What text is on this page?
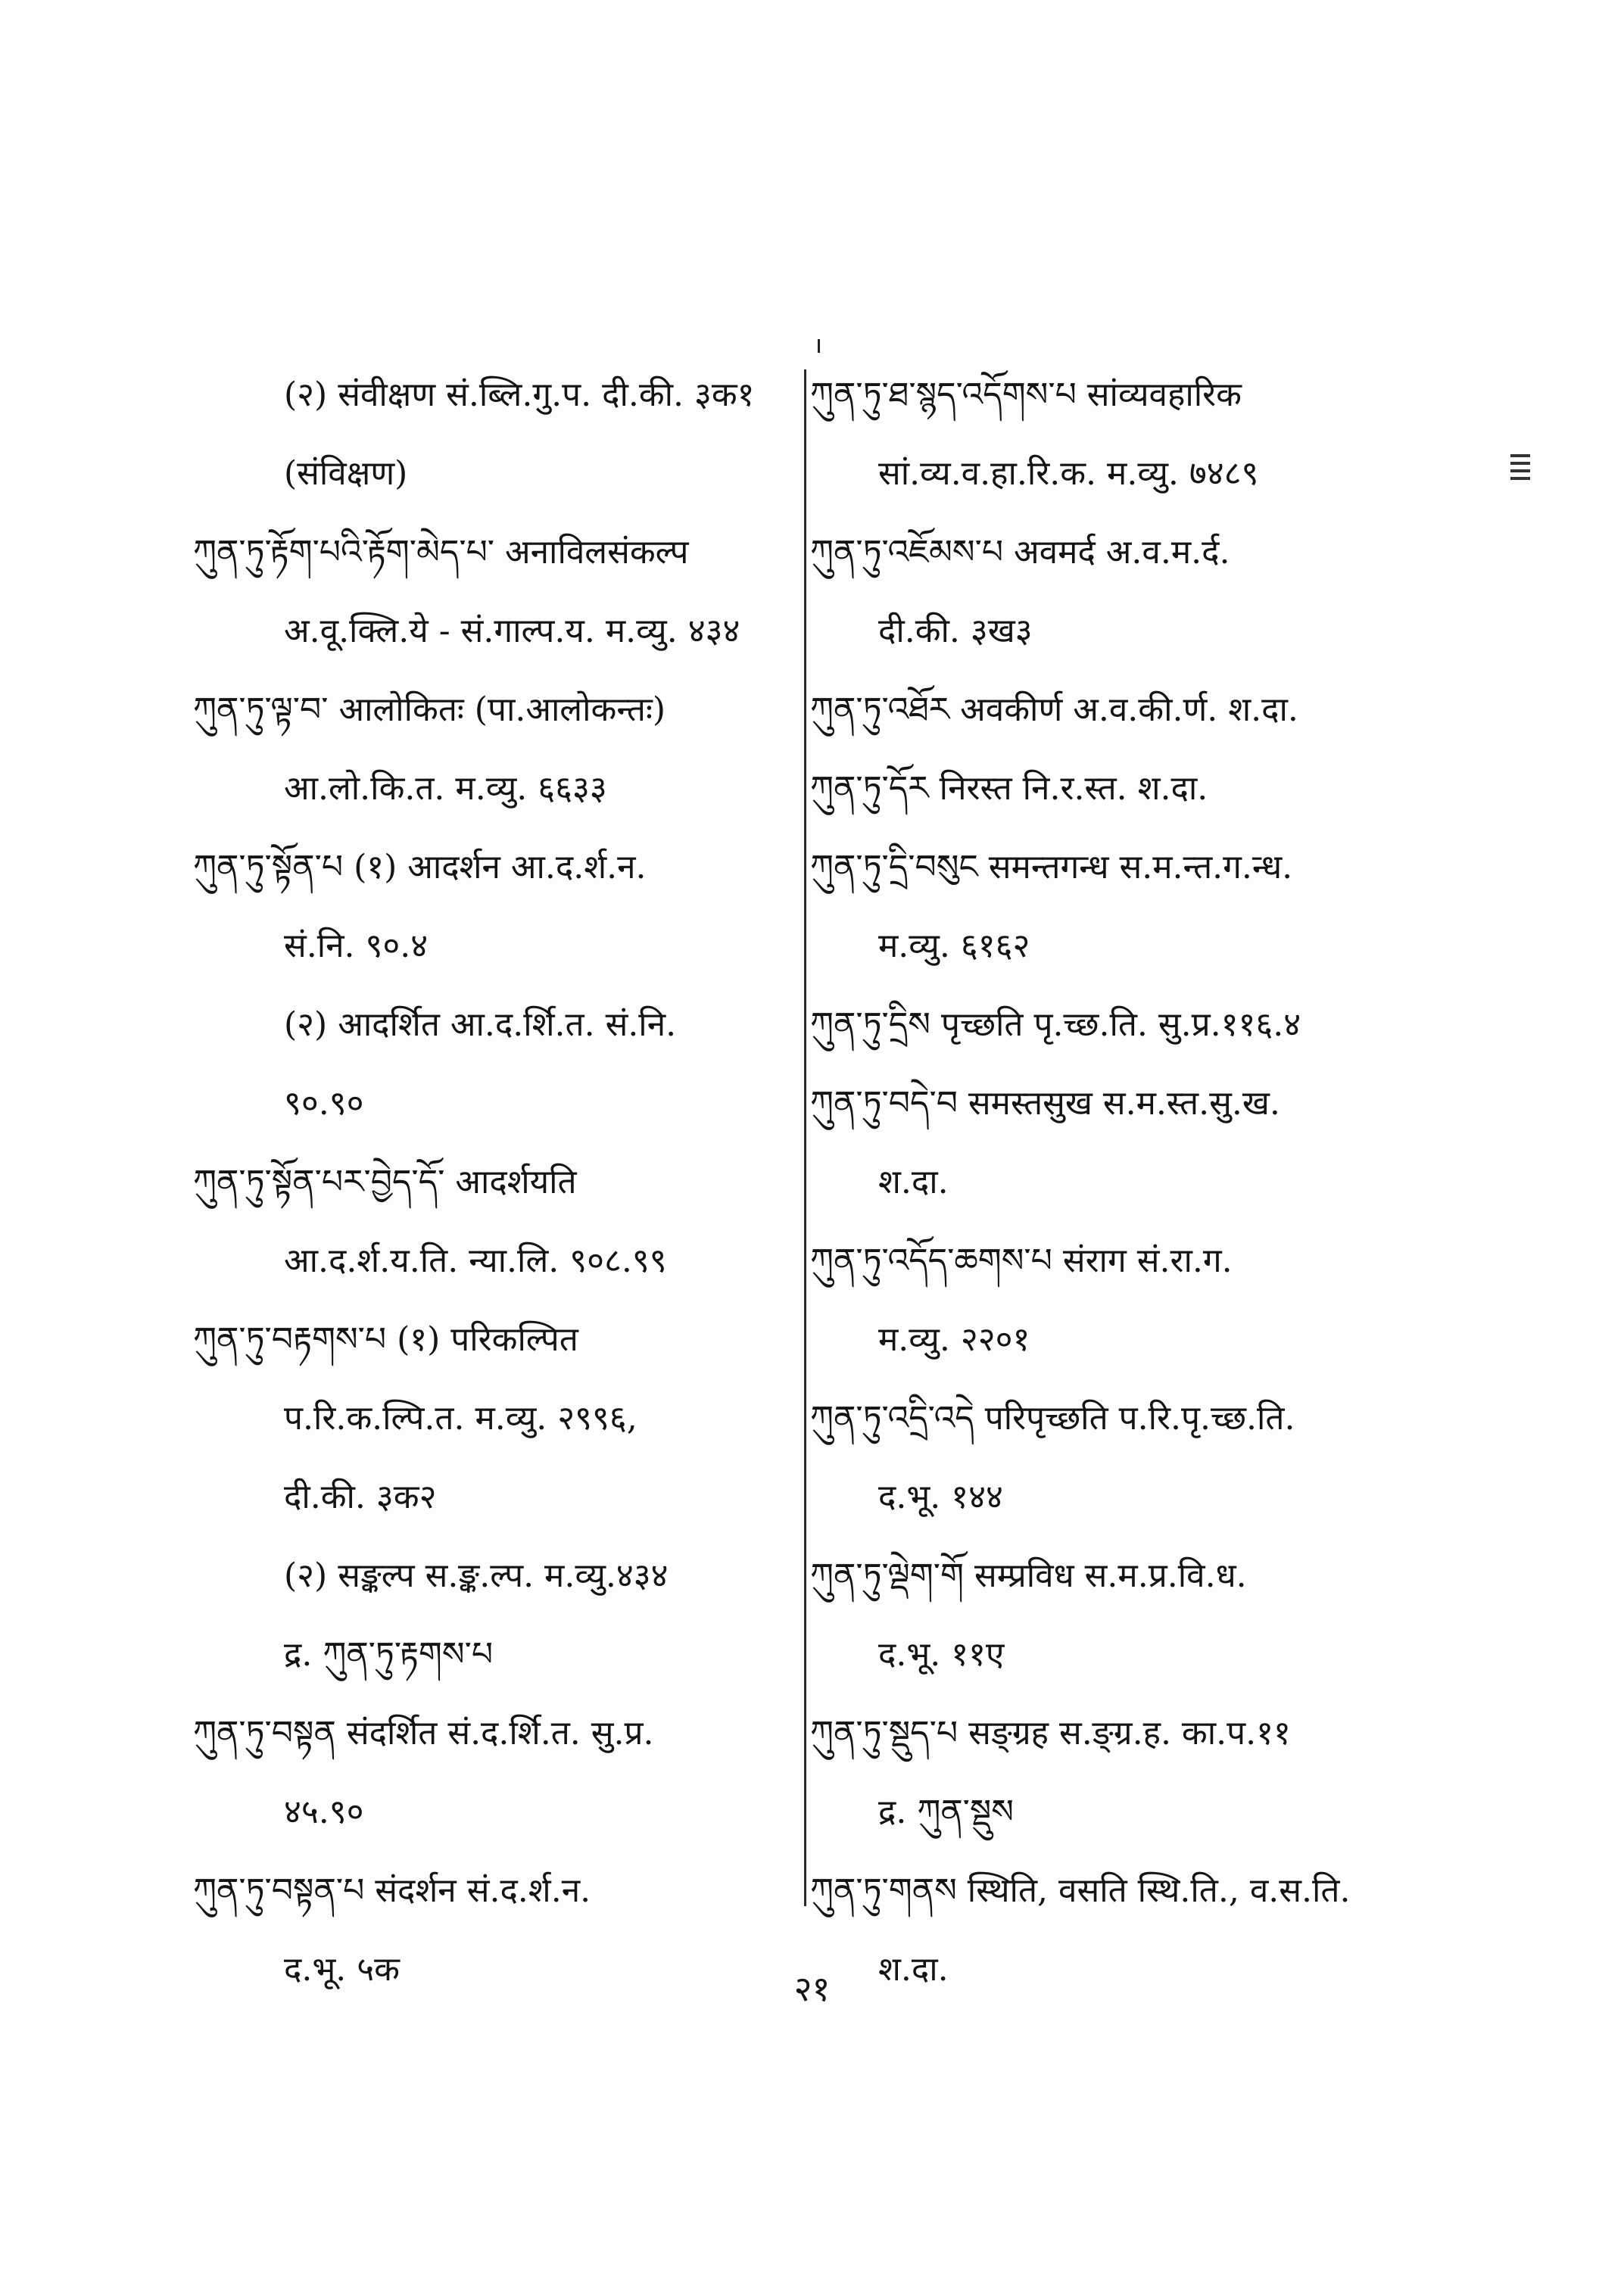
(२) संवीक्षण सं.ब्लि.गु.प. दी.की. ३क१
(संविक्षण)
ཀུན་ཏུ་རྟོག་པའི་རྟོག་མེད་པ་ अनाविलसंकल्प
अ.वू.क्लि.ये - सं.गाल्प.य. म.व्यु. ४३४
ཀུན་ཏུ་ལྟ་བ་ आलोकितः (पा.आलोकन्तः)
आ.लो.कि.त. म.व्यु. ६६३३
ཀུན་ཏུ་སྟོན་པ (१) आदर्शन आ.द.र्श.न.
सं.नि. ९०.४
(२) आदर्शित आ.द.र्शि.त. सं.नि.
९०.९०
ཀུན་ཏུ་སྟོན་པར་བྱེད་དོ་ आदर्शयति
आ.द.र्श.य.ति. न्या.लि. ९०८.९९
ཀུན་ཏུ་བརྟགས་པ (१) परिकल्पित
प.रि.क.ल्पि.त. म.व्यु. २९९६,
दी.की. ३क२
(२) सङ्कल्प स.ङ्क.ल्प. म.व्यु.४३४
द्र. ཀུན་ཏུ་རྟགས་པ
ཀུན་ཏུ་བསྟན संदर्शित सं.द.र्शि.त. सु.प्र.
४५.९०
ཀུན་ཏུ་བསྟན་པ संदर्शन सं.द.र्श.न.
द.भू. ५क
ཀུན་ཏུ་ཐ་སྙད་འདོགས་པ सांव्यवहारिक
सां.व्य.व.हा.रि.क. म.व्यु. ७४८९
ཀུན་ཏུ་འཇོམས་པ अवमर्द अ.व.म.र्द.
दी.की. ३ख३
ཀུན་ཏུ་འཐོར अवकीर्ण अ.व.की.र्ण. श.दा.
ཀུན་ཏུ་དོར निरस्त नि.र.स्त. श.दा.
ཀུན་ཏུ་དྲི་བསུང समन्तगन्ध स.म.न्त.ग.न्ध.
म.व्यु. ६१६२
ཀུན་ཏུ་དྲིས पृच्छति पृ.च्छ.ति. सु.प्र.११६.४
ཀུན་ཏུ་བདེ་བ समस्तसुख स.म.स्त.सु.ख.
श.दा.
ཀུན་ཏུ་འདོད་ཆགས་པ संराग सं.रा.ग.
म.व्यु. २२०१
ཀུན་ཏུ་འདྲི་འདེ परिपृच्छति प.रि.पृ.च्छ.ति.
द.भू. १४४
ཀུན་ཏུ་ལྡེག་གོ सम्प्रविध स.म.प्र.वि.ध.
द.भू. ११ए
ཀུན་ཏུ་སྡུད་པ सङ्ग्रह स.ङ्ग्र.ह. का.प.११
द्र. ཀུན་སྡུས
ཀུན་ཏུ་གནས स्थिति, वसति स्थि.ति., व.स.ति.
श.दा.
२१
